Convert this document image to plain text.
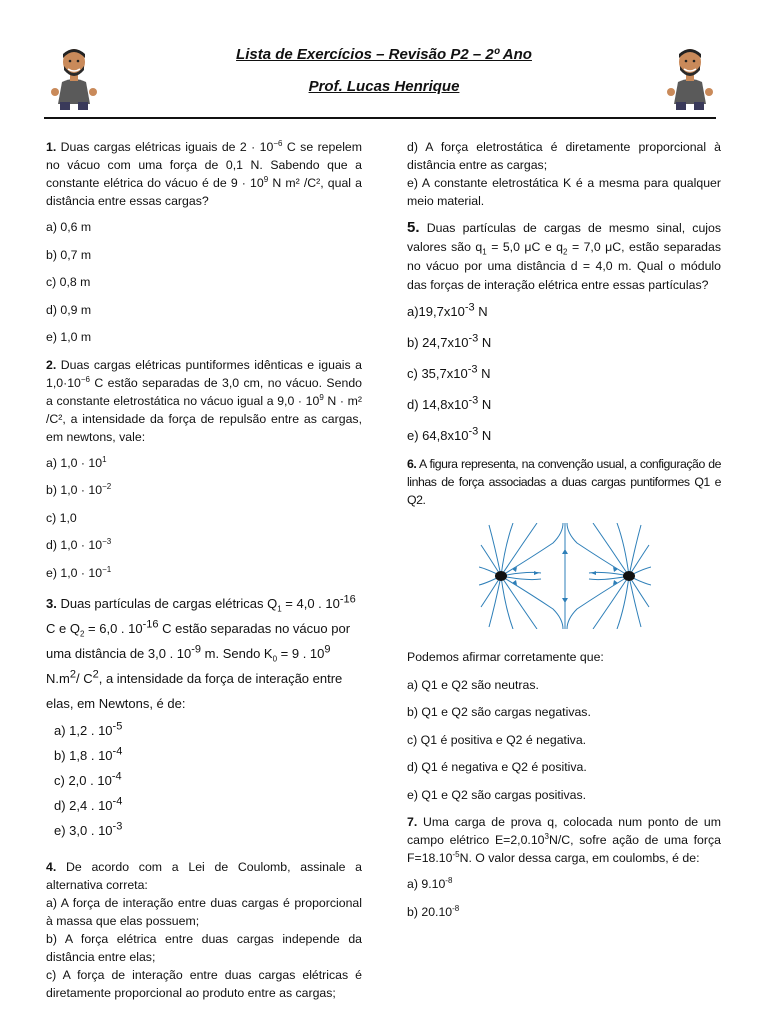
Lista de Exercícios – Revisão P2 – 2º Ano
Prof. Lucas Henrique
1. Duas cargas elétricas iguais de $2 \cdot 10^{-6}$ C se repelem no vácuo com uma força de 0,1 N. Sabendo que a constante elétrica do vácuo é de $9 \cdot 10^9$ N m² /C², qual a distância entre essas cargas?
a) 0,6 m
b) 0,7 m
c) 0,8 m
d) 0,9 m
e) 1,0 m
2. Duas cargas elétricas puntiformes idênticas e iguais a $1,0\cdot 10^{-6}$ C estão separadas de 3,0 cm, no vácuo. Sendo a constante eletrostática no vácuo igual a $9,0 \cdot 10^9$ N · m² /C², a intensidade da força de repulsão entre as cargas, em newtons, vale:
a) $1,0 \cdot 10^1$
b) $1,0 \cdot 10^{-2}$
c) 1,0
d) $1,0 \cdot 10^{-3}$
e) $1,0 \cdot 10^{-1}$
3. Duas partículas de cargas elétricas $Q_1 = 4,0$ . $10^{-16}$ C e $Q_2 = 6,0$ . $10^{-16}$ C estão separadas no vácuo por uma distância de 3,0 . $10^{-9}$ m. Sendo $K_0 = 9$ . $10^9$ $N.m^2/$ $C^2$, a intensidade da força de interação entre elas, em Newtons, é de:
a) 1,2 . $10^{-5}$
b) 1,8 . $10^{-4}$
c) 2,0 . $10^{-4}$
d) 2,4 . $10^{-4}$
e) 3,0 . $10^{-3}$
4. De acordo com a Lei de Coulomb, assinale a alternativa correta:
a) A força de interação entre duas cargas é proporcional à massa que elas possuem;
b) A força elétrica entre duas cargas independe da distância entre elas;
c) A força de interação entre duas cargas elétricas é diretamente proporcional ao produto entre as cargas;
d) A força eletrostática é diretamente proporcional à distância entre as cargas;
e) A constante eletrostática K é a mesma para qualquer meio material.
5. Duas partículas de cargas de mesmo sinal, cujos valores são $q_1 = 5,0$ μC e $q_2 = 7,0$ μC, estão separadas no vácuo por uma distância d = 4,0 m. Qual o módulo das forças de interação elétrica entre essas partículas?
$a)19,7x10^{-3}$ N
b) $24,7x10^{-3}$ N
c) $35,7x10^{-3}$ N
d) $14,8x10^{-3}$ N
e) $64,8x10^{-3}$ N
6. A figura representa, na convenção usual, a configuração de linhas de força associadas a duas cargas puntiformes Q1 e Q2.
Podemos afirmar corretamente que:
a) Q1 e Q2 são neutras.
b) Q1 e Q2 são cargas negativas.
c) Q1 é positiva e Q2 é negativa.
d) Q1 é negativa e Q2 é positiva.
e) Q1 e Q2 são cargas positivas.
7. Uma carga de prova q, colocada num ponto de um campo elétrico $E=2,0.10^3N/C$, sofre ação de uma força $F=18.10^{-5}N$. O valor dessa carga, em coulombs, é de:
a) $9.10^{-8}$
b) $20.10^{-8}$
